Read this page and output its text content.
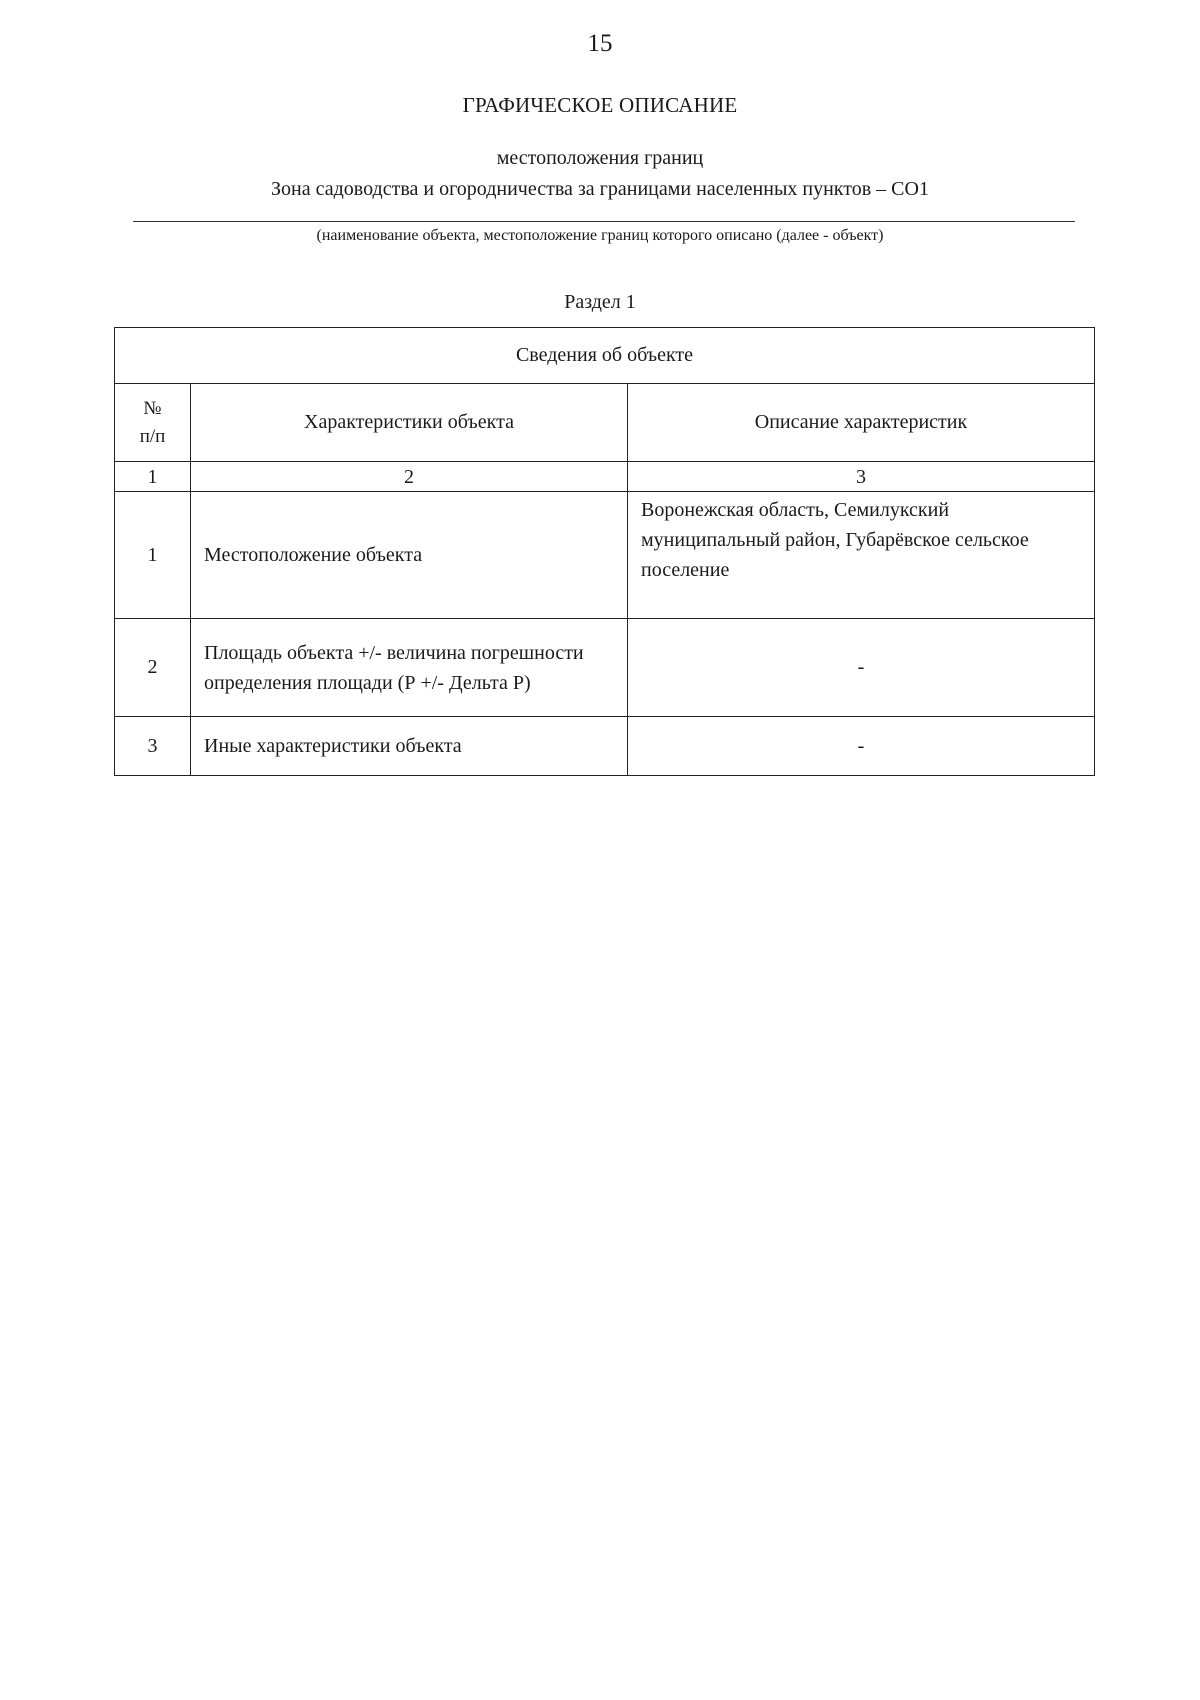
15
ГРАФИЧЕСКОЕ ОПИСАНИЕ
местоположения границ
Зона садоводства и огородничества за границами населенных пунктов – СО1
(наименование объекта, местоположение границ которого описано (далее - объект)
Раздел 1
Сведения об объекте		

№
п/п	Характеристики объекта	Описание характеристик
1	2	3
1	Местоположение объекта	Воронежская область, Семилукский муниципальный район, Губарёвское сельское поселение
2	Площадь объекта +/- величина погрешности определения площади (Р +/- Дельта Р)	-
3	Иные характеристики объекта	-
